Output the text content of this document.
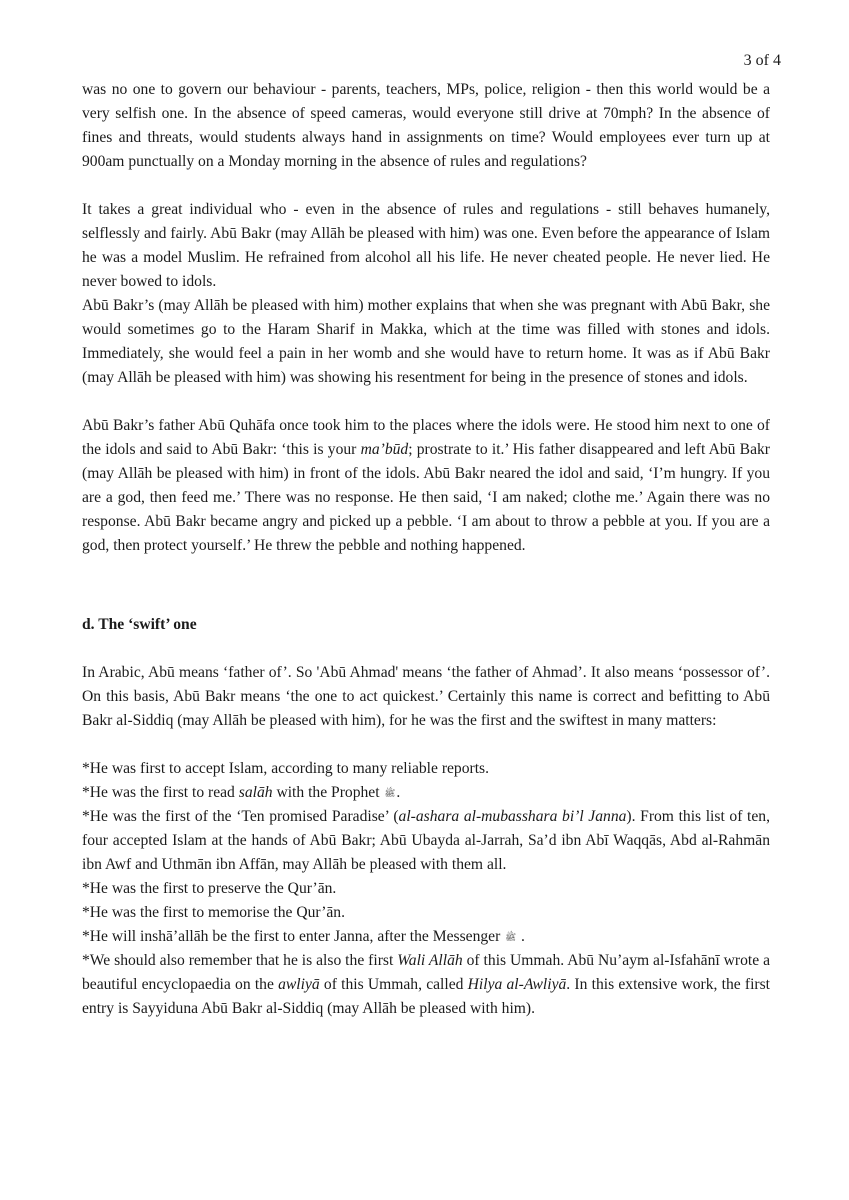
3 of 4

was no one to govern our behaviour - parents, teachers, MPs, police, religion - then this world would be a very selfish one. In the absence of speed cameras, would everyone still drive at 70mph? In the absence of fines and threats, would students always hand in assignments on time? Would employees ever turn up at 900am punctually on a Monday morning in the absence of rules and regulations?

It takes a great individual who - even in the absence of rules and regulations - still behaves humanely, selflessly and fairly. Abū Bakr (may Allāh be pleased with him) was one. Even before the appearance of Islam he was a model Muslim. He refrained from alcohol all his life. He never cheated people. He never lied. He never bowed to idols.

Abū Bakr’s (may Allāh be pleased with him) mother explains that when she was pregnant with Abū Bakr, she would sometimes go to the Haram Sharif in Makka, which at the time was filled with stones and idols. Immediately, she would feel a pain in her womb and she would have to return home. It was as if Abū Bakr (may Allāh be pleased with him) was showing his resentment for being in the presence of stones and idols.

Abū Bakr’s father Abū Quhāfa once took him to the places where the idols were. He stood him next to one of the idols and said to Abū Bakr: ‘this is your ma’būd; prostrate to it.’ His father disappeared and left Abū Bakr (may Allāh be pleased with him) in front of the idols. Abū Bakr neared the idol and said, ‘I’m hungry. If you are a god, then feed me.’ There was no response. He then said, ‘I am naked; clothe me.’ Again there was no response. Abū Bakr became angry and picked up a pebble. ‘I am about to throw a pebble at you. If you are a god, then protect yourself.’ He threw the pebble and nothing happened.

d. The ‘swift’ one

In Arabic, Abū means ‘father of’. So 'Abū Ahmad' means ‘the father of Ahmad’. It also means ‘possessor of’. On this basis, Abū Bakr means ‘the one to act quickest.’ Certainly this name is correct and befitting to Abū Bakr al-Siddiq (may Allāh be pleased with him), for he was the first and the swiftest in many matters:

*He was first to accept Islam, according to many reliable reports.

*He was the first to read salāh with the Prophet ﷺ.

*He was the first of the ‘Ten promised Paradise’ (al-ashara al-mubasshara bi’l Janna). From this list of ten, four accepted Islam at the hands of Abū Bakr; Abū Ubayda al-Jarrah, Sa’d ibn Abī Waqqās, Abd al-Rahmān ibn Awf and Uthmān ibn Affān, may Allāh be pleased with them all.

*He was the first to preserve the Qur’ān.

*He was the first to memorise the Qur’ān.

*He will inshā’allāh be the first to enter Janna, after the Messenger ﷺ .

*We should also remember that he is also the first Wali Allāh of this Ummah. Abū Nu’aym al-Isfahānī wrote a beautiful encyclopaedia on the awliyā of this Ummah, called Hilya al-Awliyā. In this extensive work, the first entry is Sayyiduna Abū Bakr al-Siddiq (may Allāh be pleased with him).
